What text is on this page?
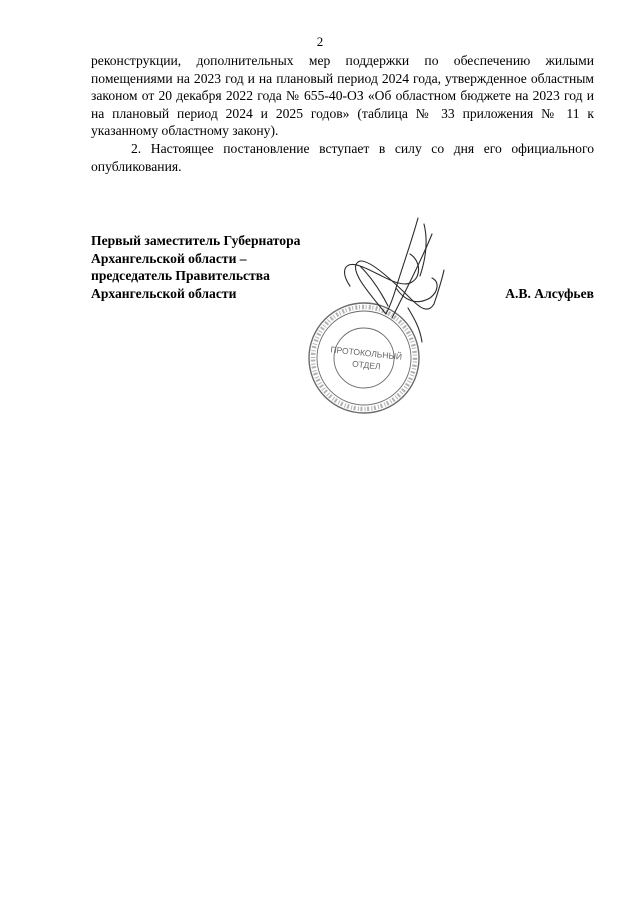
2

реконструкции, дополнительных мер поддержки по обеспечению жилыми помещениями на 2023 год и на плановый период 2024 года, утвержденное областным законом от 20 декабря 2022 года № 655-40-ОЗ «Об областном бюджете на 2023 год и на плановый период 2024 и 2025 годов» (таблица № 33 приложения № 11 к указанному областному закону).

2. Настоящее постановление вступает в силу со дня его официального опубликования.

Первый заместитель Губернатора
Архангельской области –
председатель Правительства
Архангельской области	А.В. Алсуфьев
ПРОТОКОЛЬНЫЙ
ОТДЕЛ
